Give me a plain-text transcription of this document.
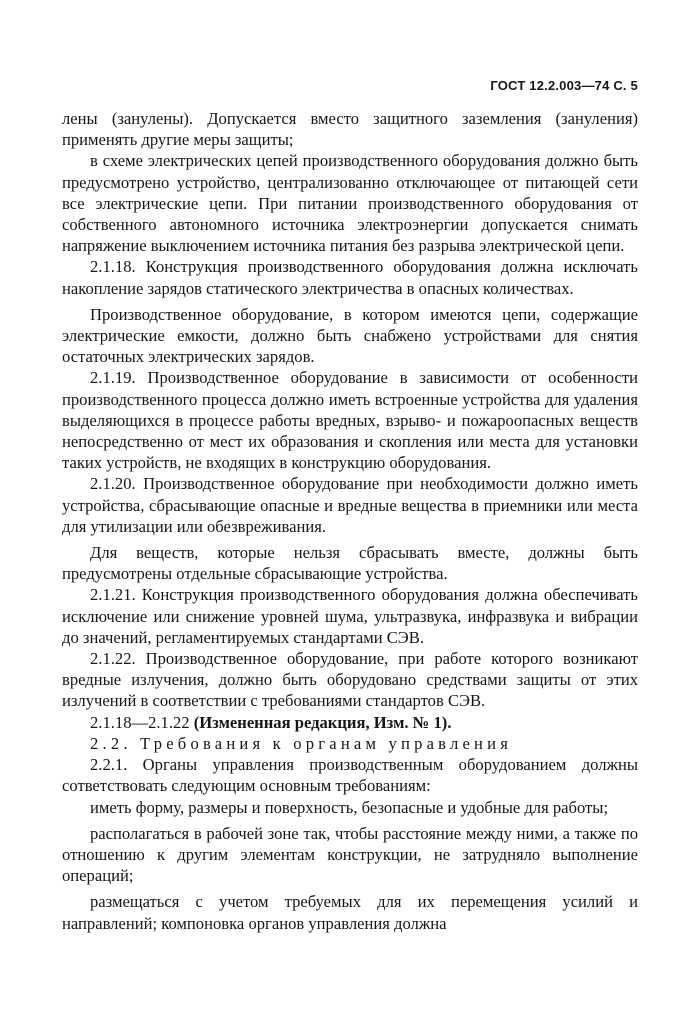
ГОСТ 12.2.003—74 С. 5

лены (занулены). Допускается вместо защитного заземления (зануления) применять другие меры защиты;

в схеме электрических цепей производственного оборудования должно быть предусмотрено устройство, централизованно отключающее от питающей сети все электрические цепи. При питании производственного оборудования от собственного автономного источника электроэнергии допускается снимать напряжение выключением источника питания без разрыва электрической цепи.

2.1.18. Конструкция производственного оборудования должна исключать накопление зарядов статического электричества в опасных количествах.

Производственное оборудование, в котором имеются цепи, содержащие электрические емкости, должно быть снабжено устройствами для снятия остаточных электрических зарядов.

2.1.19. Производственное оборудование в зависимости от особенности производственного процесса должно иметь встроенные устройства для удаления выделяющихся в процессе работы вредных, взрыво- и пожароопасных веществ непосредственно от мест их образования и скопления или места для установки таких устройств, не входящих в конструкцию оборудования.

2.1.20. Производственное оборудование при необходимости должно иметь устройства, сбрасывающие опасные и вредные вещества в приемники или места для утилизации или обезвреживания.

Для веществ, которые нельзя сбрасывать вместе, должны быть предусмотрены отдельные сбрасывающие устройства.

2.1.21. Конструкция производственного оборудования должна обеспечивать исключение или снижение уровней шума, ультразвука, инфразвука и вибрации до значений, регламентируемых стандартами СЭВ.

2.1.22. Производственное оборудование, при работе которого возникают вредные излучения, должно быть оборудовано средствами защиты от этих излучений в соответствии с требованиями стандартов СЭВ.

2.1.18—2.1.22 (Измененная редакция, Изм. № 1).

2.2. Требования к органам управления

2.2.1. Органы управления производственным оборудованием должны сответствовать следующим основным требованиям:

иметь форму, размеры и поверхность, безопасные и удобные для работы;

располагаться в рабочей зоне так, чтобы расстояние между ними, а также по отношению к другим элементам конструкции, не затрудняло выполнение операций;

размещаться с учетом требуемых для их перемещения усилий и направлений; компоновка органов управления должна
